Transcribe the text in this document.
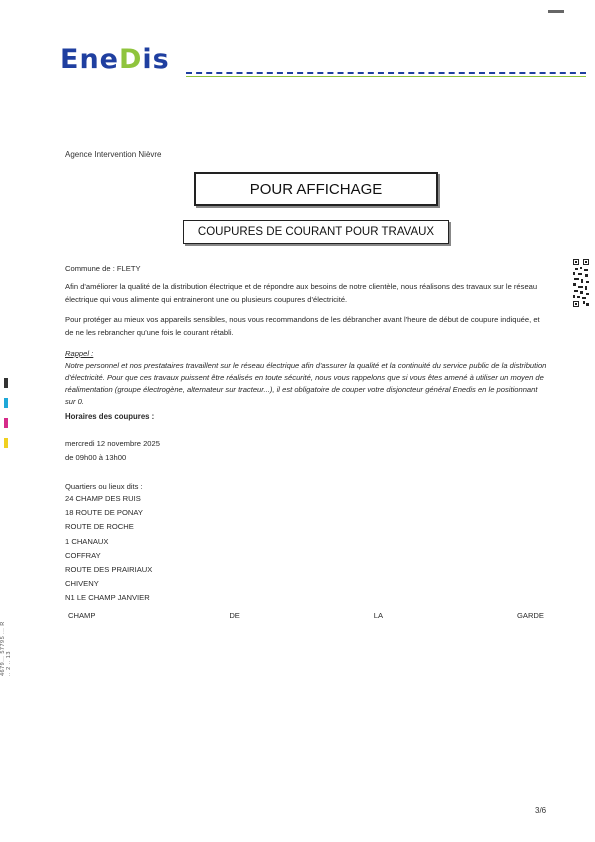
EneDis
Agence Intervention Nièvre
POUR AFFICHAGE
COUPURES DE COURANT POUR TRAVAUX
Commune de : FLETY
Afin d'améliorer la qualité de la distribution électrique et de répondre aux besoins de notre clientèle, nous réalisons des travaux sur le réseau électrique qui vous alimente qui entraineront une ou plusieurs coupures d'électricité.
Pour protéger au mieux vos appareils sensibles, nous vous recommandons de les débrancher avant l'heure de début de coupure indiquée, et de ne les rebrancher qu'une fois le courant rétabli.
Rappel :
Notre personnel et nos prestataires travaillent sur le réseau électrique afin d'assurer la qualité et la continuité du service public de la distribution d'électricité. Pour que ces travaux puissent être réalisés en toute sécurité, nous vous rappelons que si vous êtes amené à utiliser un moyen de réalimentation (groupe électrogène, alternateur sur tracteur...), il est obligatoire de couper votre disjoncteur général Enedis en le positionnant sur 0.
Horaires des coupures :
mercredi 12 novembre 2025
de 09h00 à 13h00
Quartiers ou lieux dits :
24 CHAMP DES RUIS
18 ROUTE DE PONAY
ROUTE DE ROCHE
1 CHANAUX
COFFRAY
ROUTE DES PRAIRIAUX
CHIVENY
N1 LE CHAMP JANVIER
CHAMP	DE	LA	GARDE
3/6
4679... 57795 ... R .. 2 .. 13
